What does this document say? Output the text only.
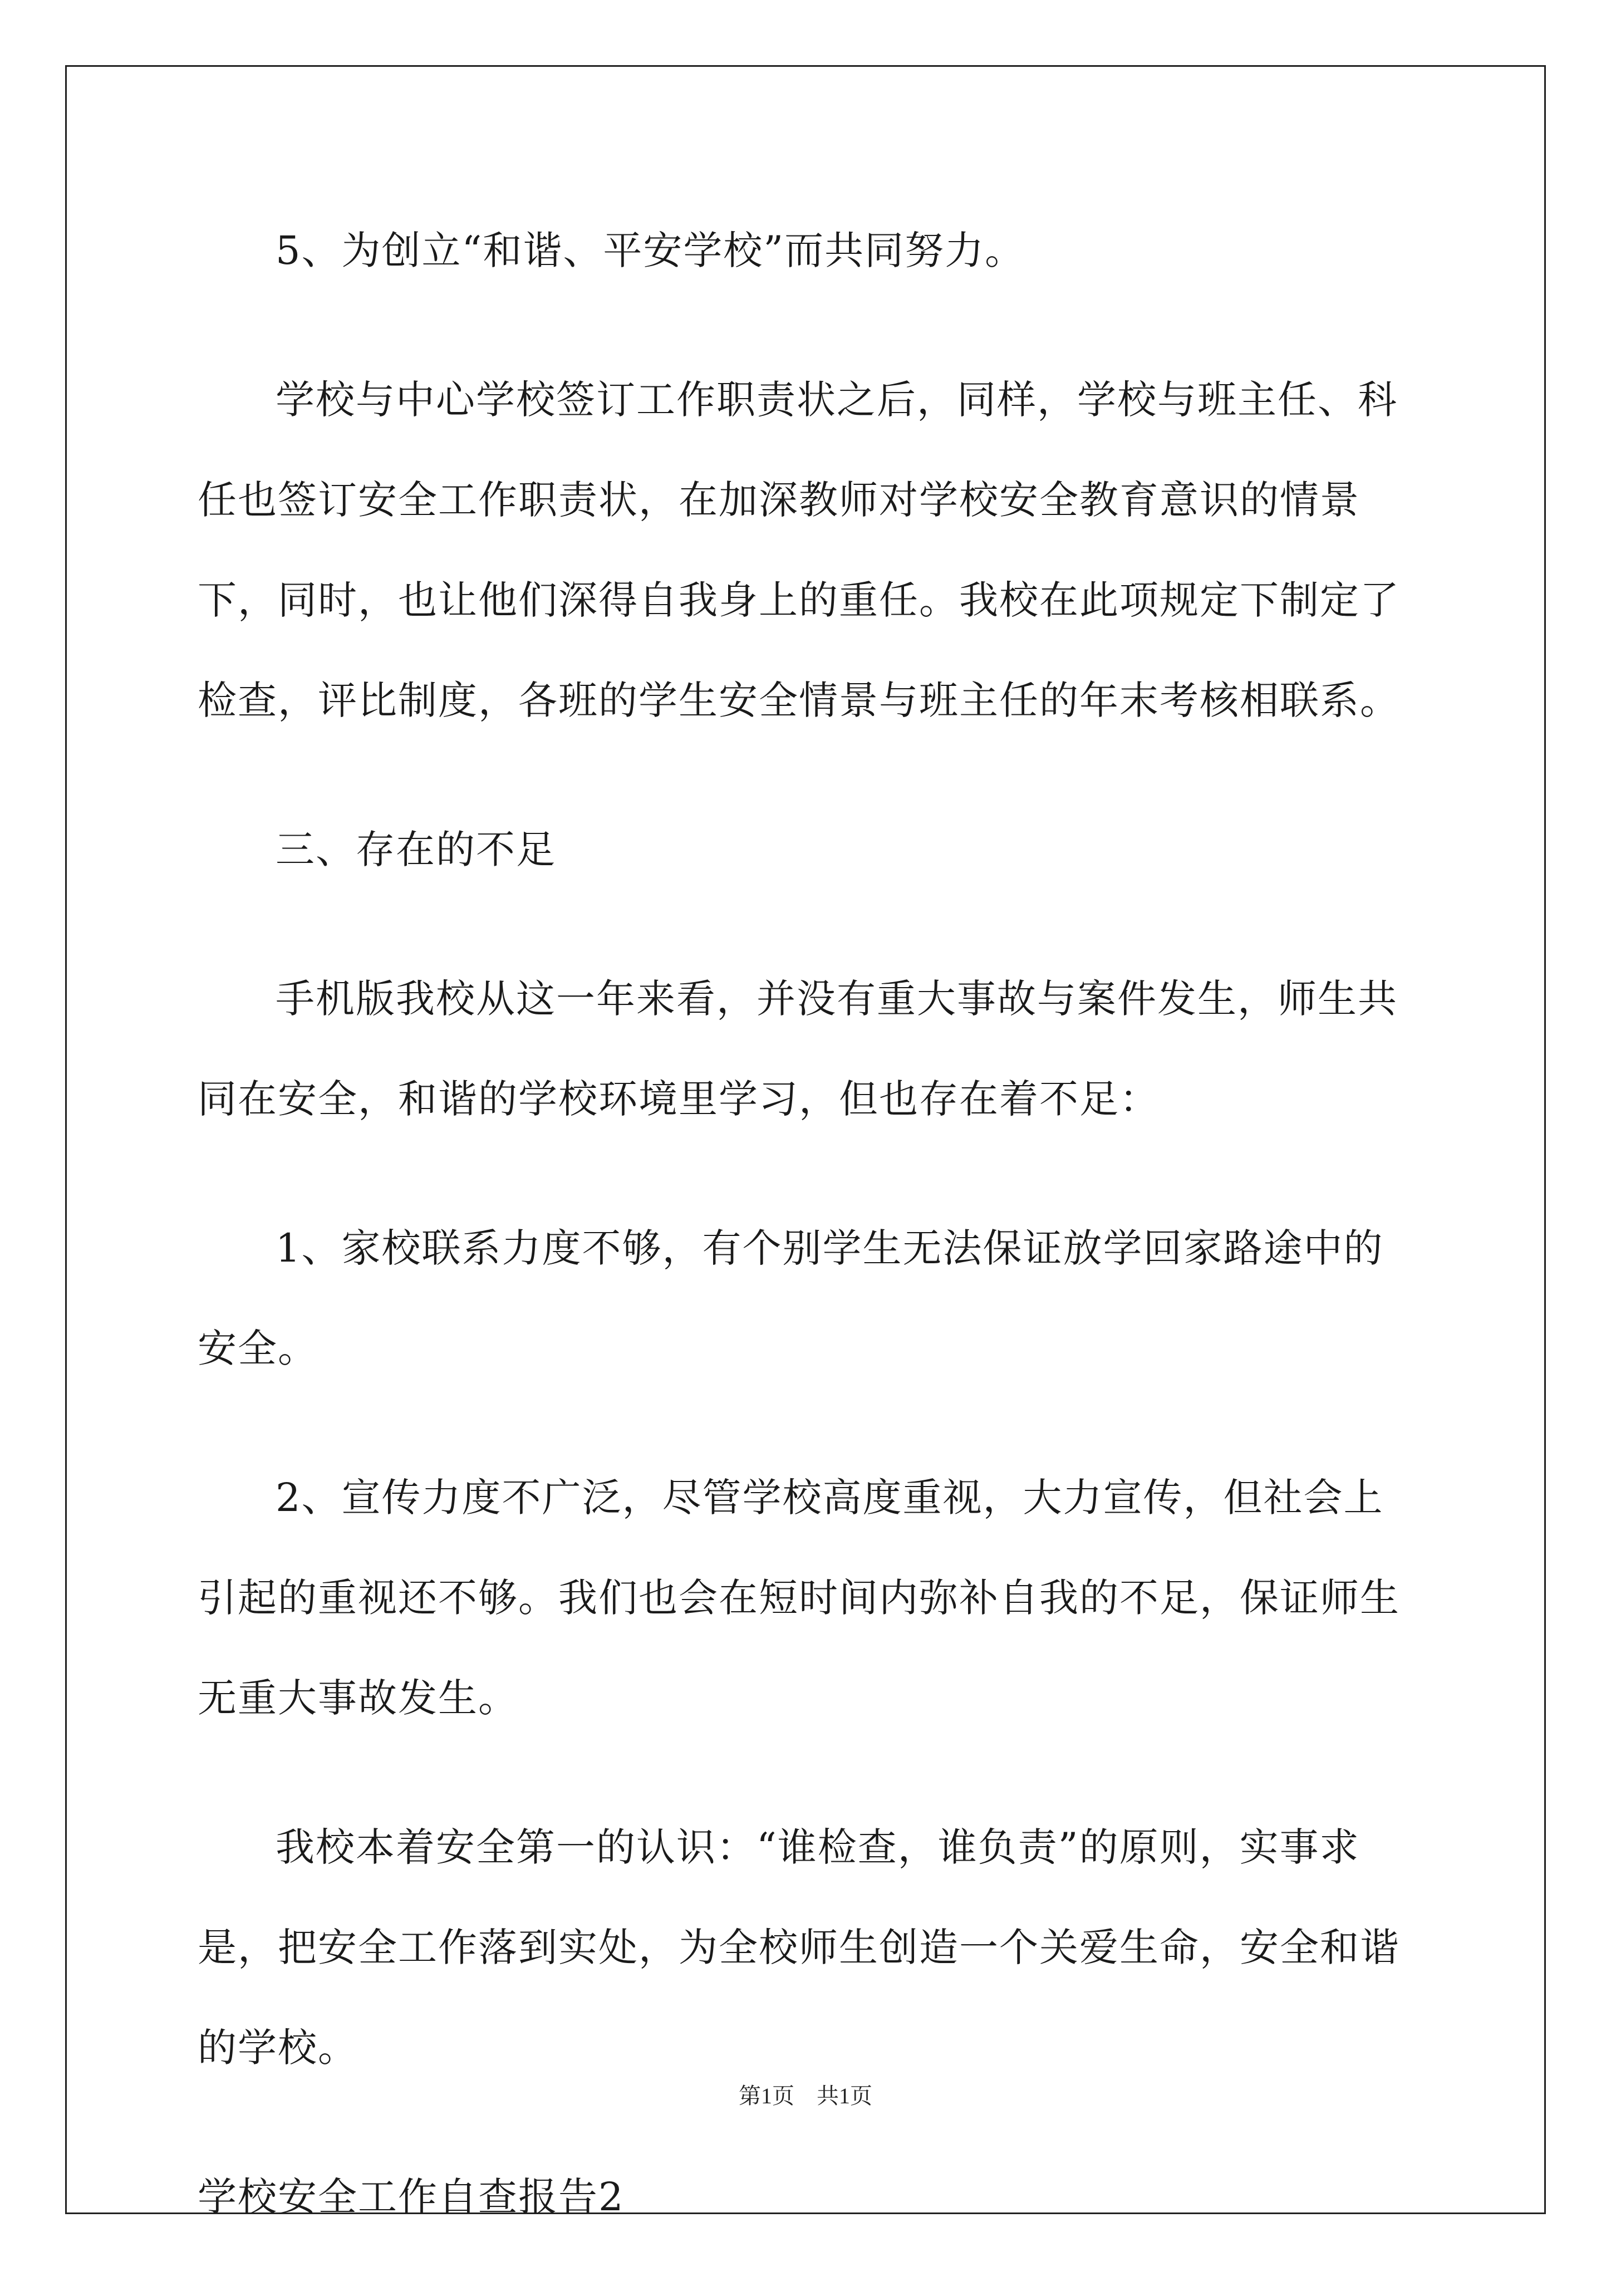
5、为创立“和谐、平安学校”而共同努力。

学校与中心学校签订工作职责状之后，同样，学校与班主任、科任也签订安全工作职责状，在加深教师对学校安全教育意识的情景下，同时，也让他们深得自我身上的重任。我校在此项规定下制定了检查，评比制度，各班的学生安全情景与班主任的年末考核相联系。

三、存在的不足

手机版我校从这一年来看，并没有重大事故与案件发生，师生共同在安全，和谐的学校环境里学习，但也存在着不足：

1、家校联系力度不够，有个别学生无法保证放学回家路途中的安全。

2、宣传力度不广泛，尽管学校高度重视，大力宣传，但社会上引起的重视还不够。我们也会在短时间内弥补自我的不足，保证师生无重大事故发生。

我校本着安全第一的认识：“谁检查，谁负责”的原则，实事求是，把安全工作落到实处，为全校师生创造一个关爱生命，安全和谐的学校。

学校安全工作自查报告2

第1页 共1页
